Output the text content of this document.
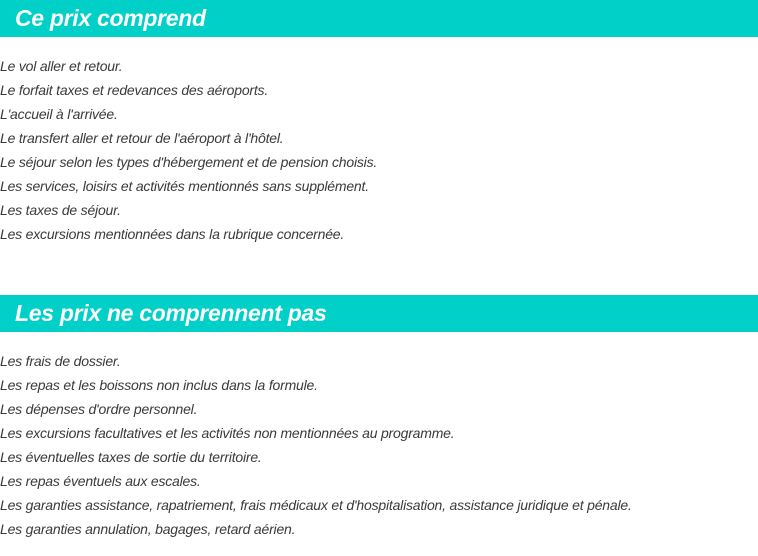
Ce prix comprend
Le vol aller et retour.
Le forfait taxes et redevances des aéroports.
L'accueil à l'arrivée.
Le transfert aller et retour de l'aéroport à l'hôtel.
Le séjour selon les types d'hébergement et de pension choisis.
Les services, loisirs et activités mentionnés sans supplément.
Les taxes de séjour.
Les excursions mentionnées dans la rubrique concernée.
Les prix ne comprennent pas
Les frais de dossier.
Les repas et les boissons non inclus dans la formule.
Les dépenses d'ordre personnel.
Les excursions facultatives et les activités non mentionnées au programme.
Les éventuelles taxes de sortie du territoire.
Les repas éventuels aux escales.
Les garanties assistance, rapatriement, frais médicaux et d'hospitalisation, assistance juridique et pénale.
Les garanties annulation, bagages, retard aérien.
